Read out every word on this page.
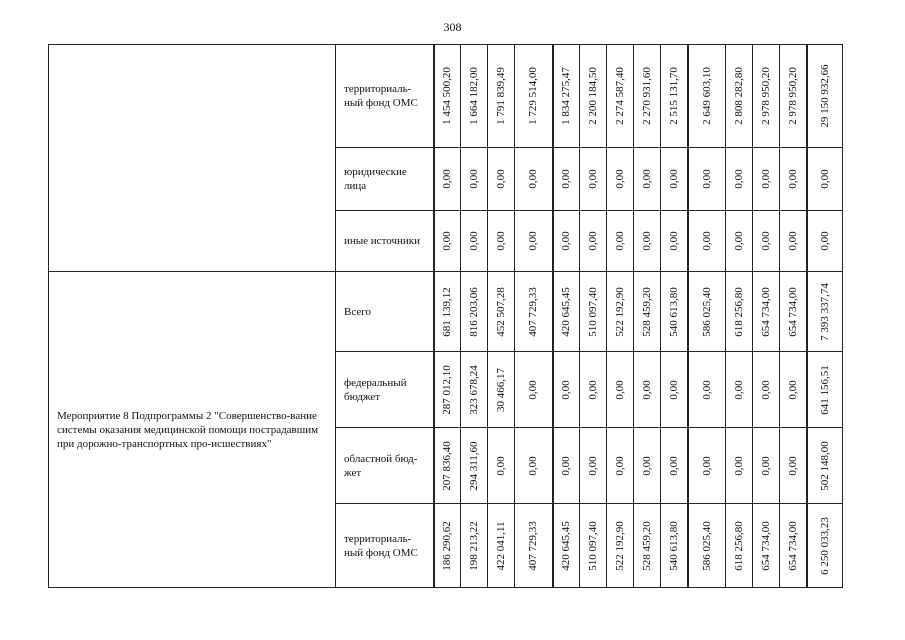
308
	территориаль-ный фонд ОМС	1 454 500,20	1 664 182,00	1 791 839,49	1 729 514,00	1 834 275,47	2 200 184,50	2 274 587,40	2 270 931,60	2 515 131,70	2 649 603,10	2 808 282,80	2 978 950,20	2 978 950,20	29 150 932,66

	юридические лица	0,00	0,00	0,00	0,00	0,00	0,00	0,00	0,00	0,00	0,00	0,00	0,00	0,00	0,00

	иные источники	0,00	0,00	0,00	0,00	0,00	0,00	0,00	0,00	0,00	0,00	0,00	0,00	0,00	0,00

Мероприятие 8 Подпрограммы 2 "Совершенство-вание системы оказания медицинской помощи пострадавшим при дорожно-транспортных про-исшествиях"	Всего	681 139,12	816 203,06	452 507,28	407 729,33	420 645,45	510 097,40	522 192,90	528 459,20	540 613,80	586 025,40	618 256,80	654 734,00	654 734,00	7 393 337,74

	федеральный бюджет	287 012,10	323 678,24	30 466,17	0,00	0,00	0,00	0,00	0,00	0,00	0,00	0,00	0,00	0,00	641 156,51

	областной бюд-жет	207 836,40	294 311,60	0,00	0,00	0,00	0,00	0,00	0,00	0,00	0,00	0,00	0,00	0,00	502 148,00

	территориаль-ный фонд ОМС	186 290,62	198 213,22	422 041,11	407 729,33	420 645,45	510 097,40	522 192,90	528 459,20	540 613,80	586 025,40	618 256,80	654 734,00	654 734,00	6 250 033,23
